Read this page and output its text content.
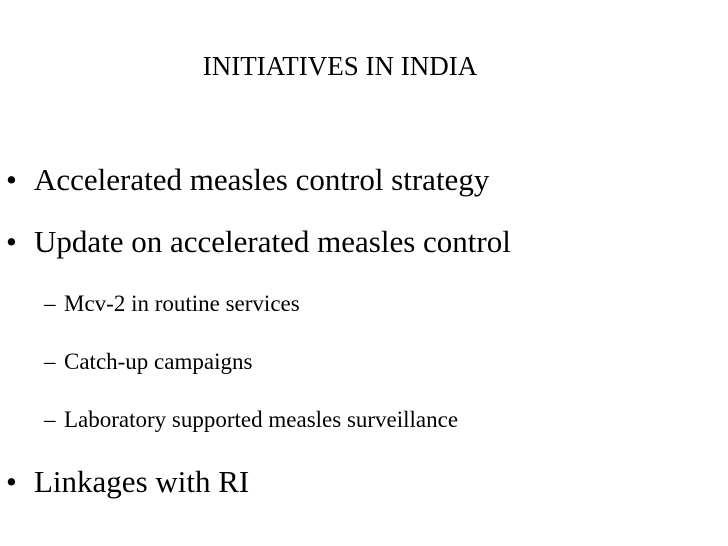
INITIATIVES IN INDIA
• Accelerated measles control strategy
• Update on accelerated measles control
– Mcv-2 in routine services
– Catch-up campaigns
– Laboratory supported measles surveillance
• Linkages with RI
